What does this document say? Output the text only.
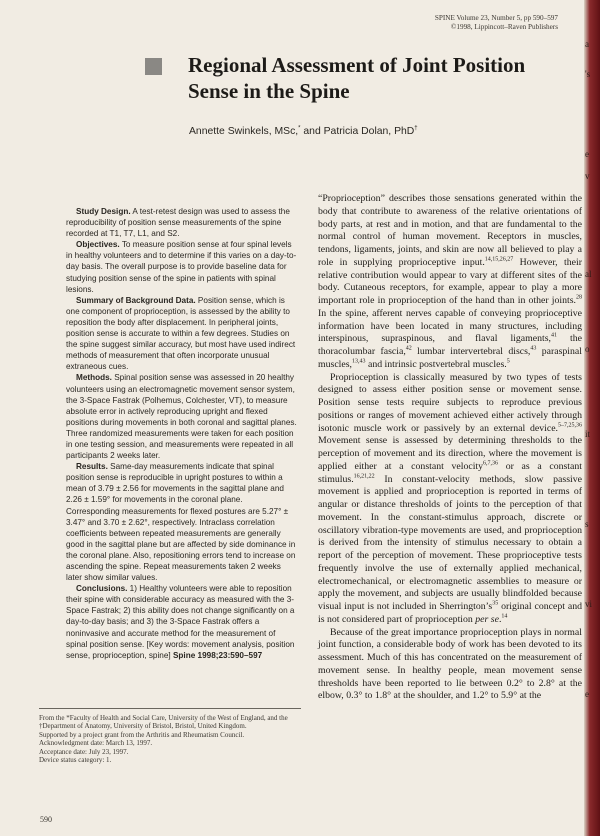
SPINE Volume 23, Number 5, pp 590–597
©1998, Lippincott–Raven Publishers
Regional Assessment of Joint Position
Sense in the Spine
Annette Swinkels, MSc,* and Patricia Dolan, PhD†

Study Design. A test-retest design was used to assess the reproducibility of position sense measurements of the spine recorded at T1, T7, L1, and S2.

Objectives. To measure position sense at four spinal levels in healthy volunteers and to determine if this varies on a day-to-day basis. The overall purpose is to provide baseline data for studying position sense of the spine in patients with spinal lesions.

Summary of Background Data. Position sense, which is one component of proprioception, is assessed by the ability to reposition the body after displacement. In peripheral joints, position sense is accurate to within a few degrees. Studies on the spine suggest similar accuracy, but most have used indirect methods of measurement that often incorporate unusual extraneous cues.

Methods. Spinal position sense was assessed in 20 healthy volunteers using an electromagnetic movement sensor system, the 3-Space Fastrak (Polhemus, Colchester, VT), to measure absolute error in actively reproducing upright and flexed positions during movements in both coronal and sagittal planes. Three randomized measurements were taken for each position in one testing session, and measurements were repeated in all participants 2 weeks later.

Results. Same-day measurements indicate that spinal position sense is reproducible in upright postures to within a mean of 3.79 ± 2.56 for movements in the sagittal plane and 2.26 ± 1.59° for movements in the coronal plane. Corresponding measurements for flexed postures are 5.27° ± 3.47° and 3.70 ± 2.62°, respectively. Intraclass correlation coefficients between repeated measurements are generally good in the sagittal plane but are affected by side dominance in the coronal plane. Also, repositioning errors tend to increase on ascending the spine. Repeat measurements taken 2 weeks later show similar values.

Conclusions. 1) Healthy volunteers were able to reposition their spine with considerable accuracy as measured with the 3-Space Fastrak; 2) this ability does not change significantly on a day-to-day basis; and 3) the 3-Space Fastrak offers a noninvasive and accurate method for the measurement of spinal position sense. [Key words: movement analysis, position sense, proprioception, spine] Spine 1998;23:590–597

From the *Faculty of Health and Social Care, University of the West of England, and the †Department of Anatomy, University of Bristol, Bristol, United Kingdom.

Supported by a project grant from the Arthritis and Rheumatism Council.

Acknowledgment date: March 13, 1997.

Acceptance date: July 23, 1997.

Device status category: 1.

590

“Proprioception” describes those sensations generated within the body that contribute to awareness of the relative orientations of body parts, at rest and in motion, and that are fundamental to the normal control of human movement. Receptors in muscles, tendons, ligaments, joints, and skin are now all believed to play a role in supplying proprioceptive input.$^{14,15,26,27}$ However, their relative contribution would appear to vary at different sites of the body. Cutaneous receptors, for example, appear to play a more important role in proprioception of the hand than in other joints.$^{28}$ In the spine, afferent nerves capable of conveying proprioceptive information have been located in many structures, including interspinous, supraspinous, and flaval ligaments,$^{41}$ the thoracolumbar fascia,$^{42}$ lumbar intervertebral discs,$^{43}$ paraspinal muscles,$^{13,43}$ and intrinsic postvertebral muscles.$^5$

Proprioception is classically measured by two types of tests designed to assess either position sense or movement sense. Position sense tests require subjects to reproduce previous positions or ranges of movement achieved either actively through isotonic muscle work or passively by an external device.$^{5-7,25,36}$ Movement sense is assessed by determining thresholds to the perception of movement and its direction, where the movement is applied either at a constant velocity$^{6,7,36}$ or as a constant stimulus.$^{16,21,22}$ In constant-velocity methods, slow passive movement is applied and proprioception is reported in terms of angular or distance thresholds of joints to the perception of that movement. In the constant-stimulus approach, discrete or oscillatory vibration-type movements are used, and proprioception is derived from the intensity of stimulus necessary to obtain a report of the perception of movement. These proprioceptive tests frequently involve the use of externally applied mechanical, electromechanical, or electromagnetic assemblies to measure or apply the movement, and subjects are usually blindfolded because visual input is not included in $Sherrington’s^{35}$ original concept and is not considered part of proprioception per se.$^{14}$

Because of the great importance proprioception plays in normal joint function, a considerable body of work has been devoted to its assessment. Much of this has concentrated on the measurement of movement sense. In healthy people, mean movement sense thresholds have been reported to lie between 0.2° to 2.8° at the elbow, 0.3° to 1.8° at the shoulder, and 1.2° to 5.9° at the

a
's
e
v
al
o
it
s
vi
e
